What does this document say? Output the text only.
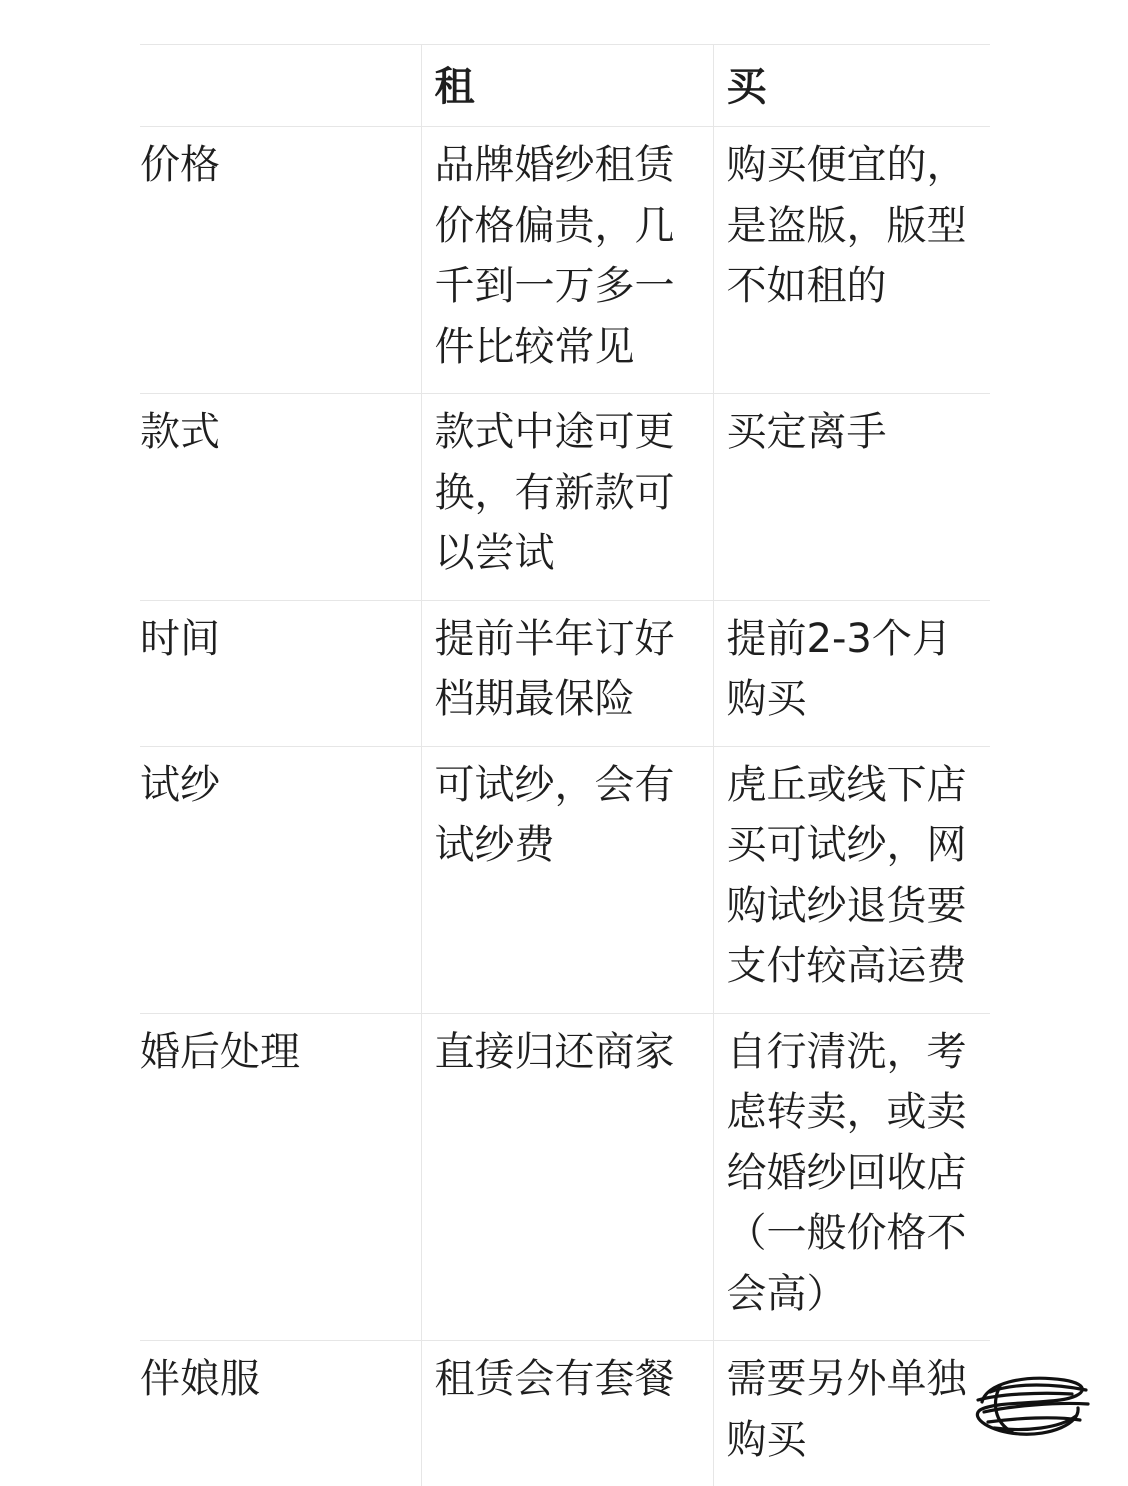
	租	买

价格	品牌婚纱租赁价格偏贵，几千到一万多一件比较常见	购买便宜的，是盗版，版型不如租的

款式	款式中途可更换，有新款可以尝试	买定离手

时间	提前半年订好档期最保险	提前2-3个月购买

试纱	可试纱，会有试纱费	虎丘或线下店买可试纱，网购试纱退货要支付较高运费

婚后处理	直接归还商家	自行清洗，考虑转卖，或卖给婚纱回收店（一般价格不会高）

伴娘服	租赁会有套餐	需要另外单独购买
